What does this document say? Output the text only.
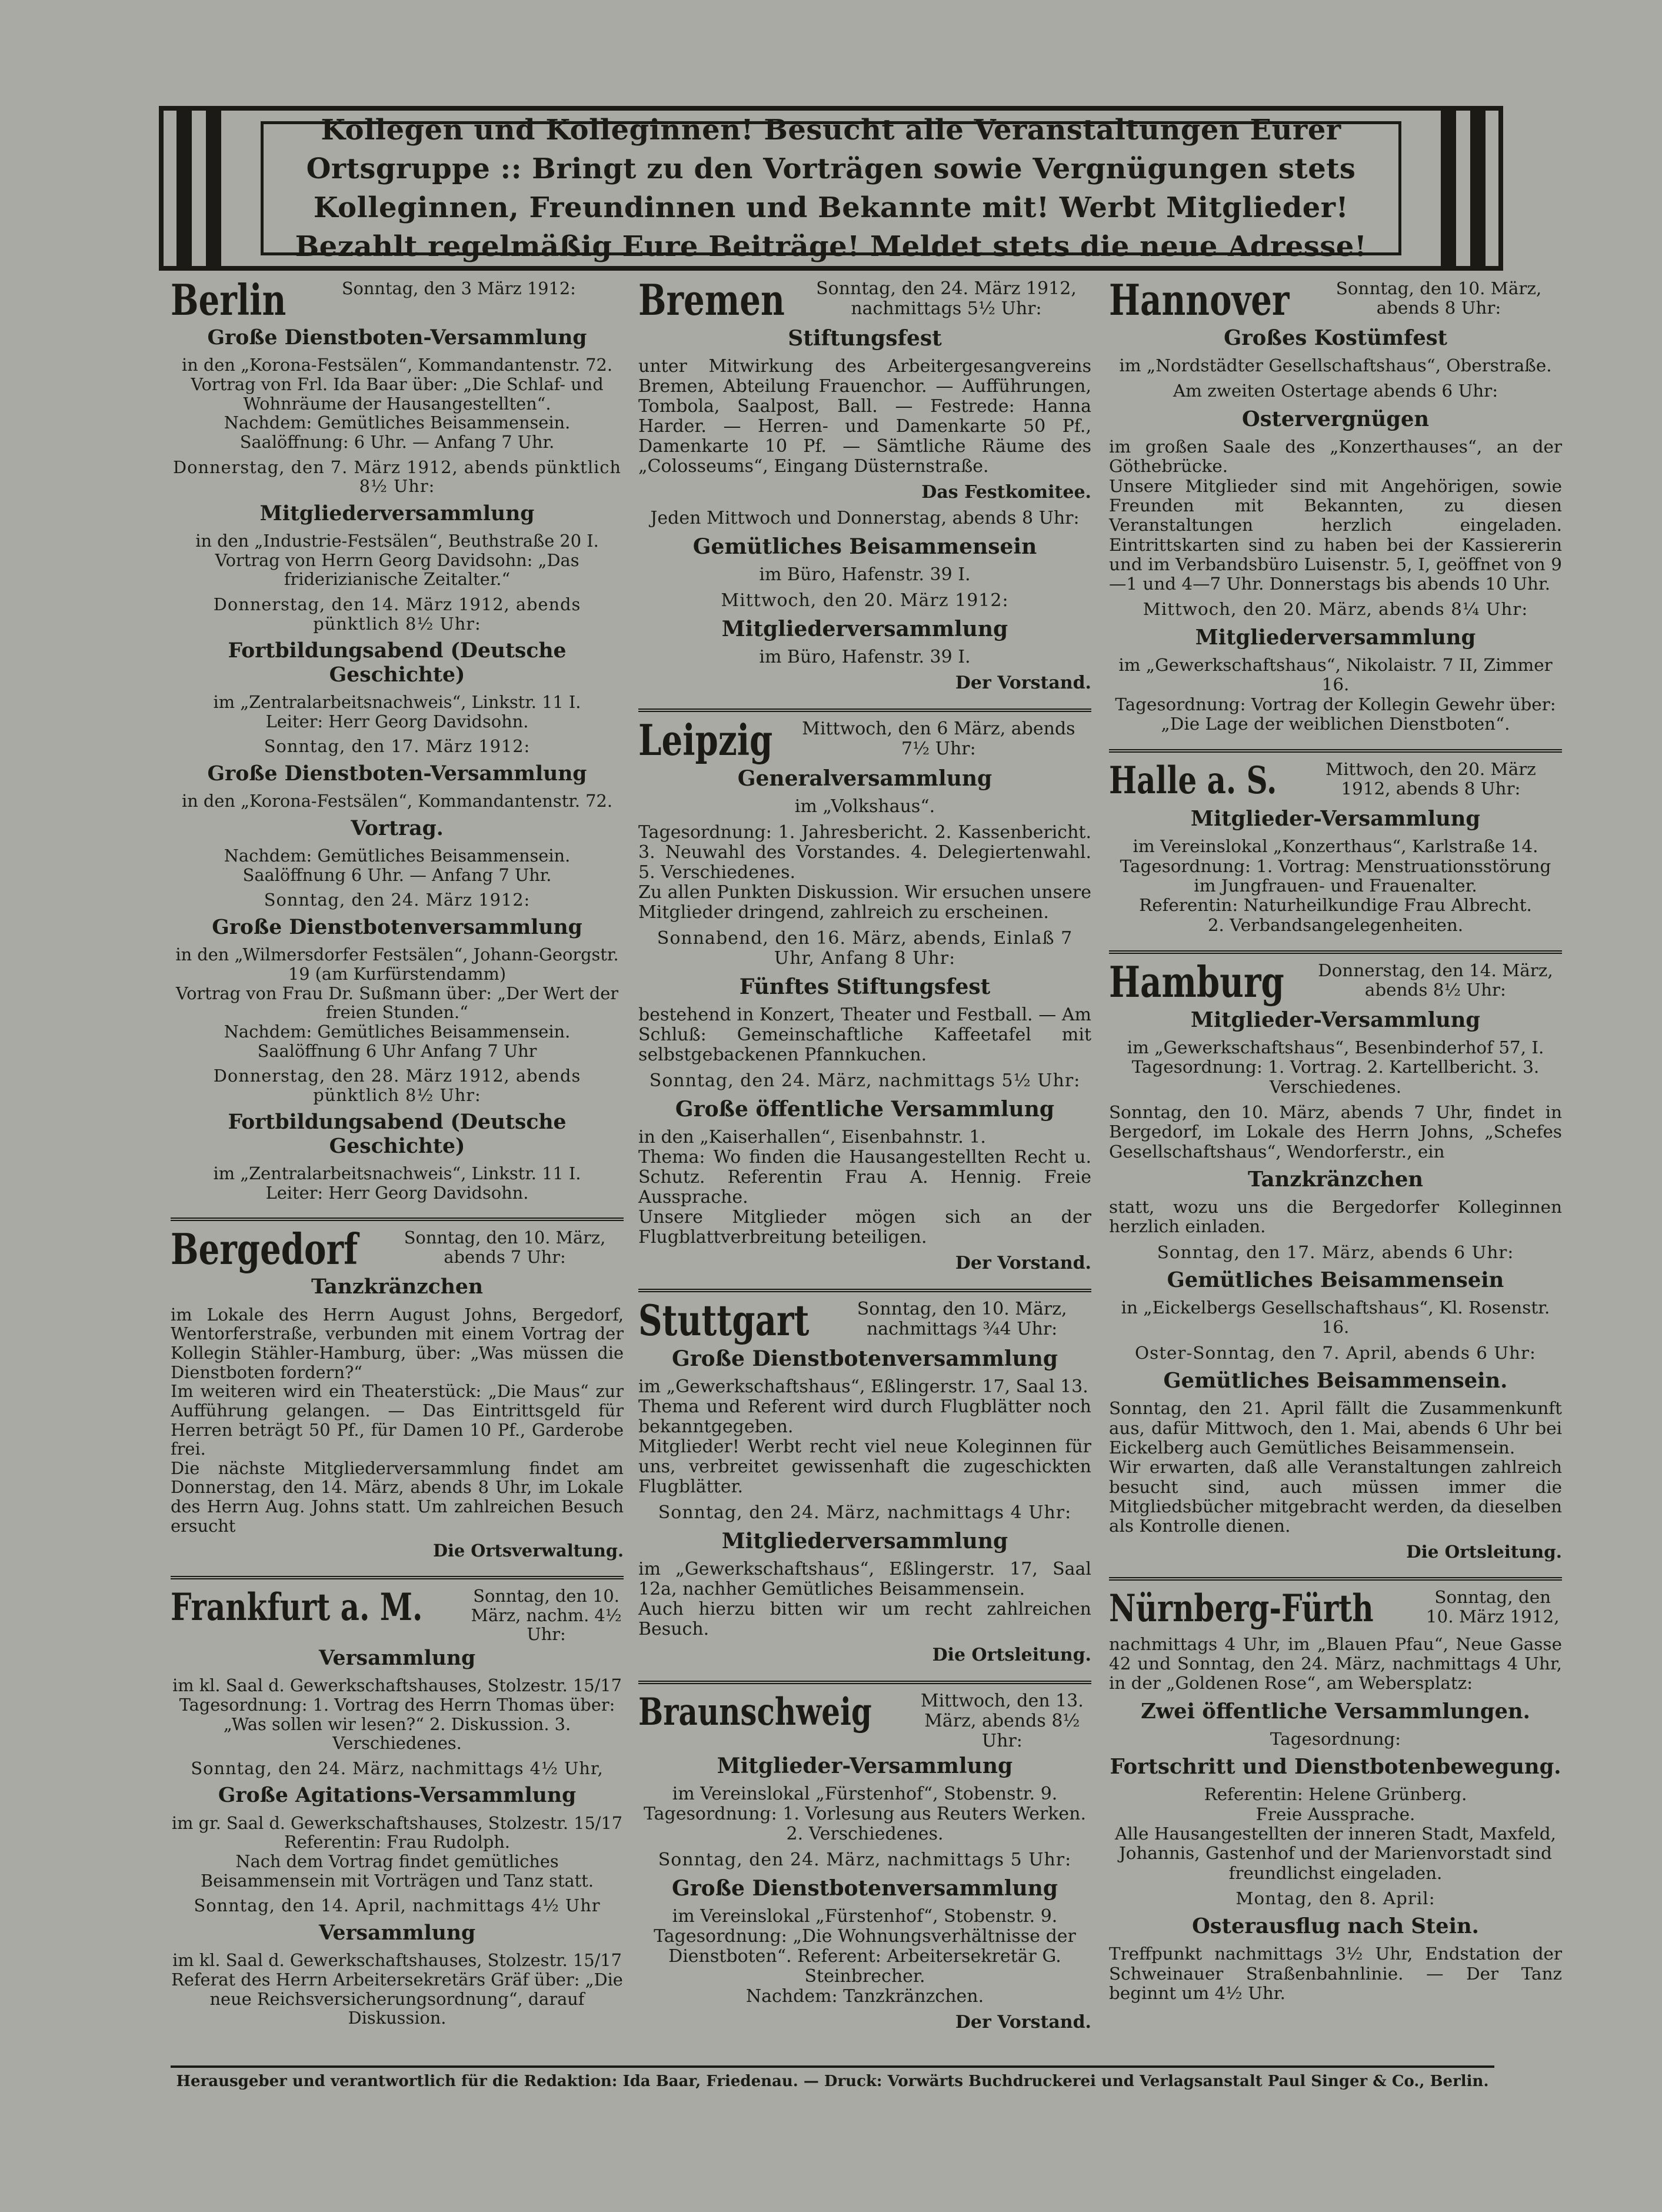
Kollegen und Kolleginnen! Besucht alle Veranstaltungen Eurer Ortsgruppe :: Bringt zu den Vorträgen sowie Vergnügungen stets Kolleginnen, Freundinnen und Bekannte mit! Werbt Mitglieder! Bezahlt regelmäßig Eure Beiträge! Meldet stets die neue Adresse!
Berlin	Sonntag, den 3 März 1912:
Große Dienstboten-Versammlung
in den „Korona-Festsälen“, Kommandantenstr. 72.
Vortrag von Frl. Ida Baar über: „Die Schlaf- und Wohnräume der Hausangestellten“.
Nachdem: Gemütliches Beisammensein.
Saalöffnung: 6 Uhr. — Anfang 7 Uhr.
Donnerstag, den 7. März 1912, abends pünktlich 8½ Uhr:
Mitgliederversammlung
in den „Industrie-Festsälen“, Beuthstraße 20 I.
Vortrag von Herrn Georg Davidsohn: „Das friderizianische Zeitalter.“
Donnerstag, den 14. März 1912, abends pünktlich 8½ Uhr:
Fortbildungsabend (Deutsche Geschichte)
im „Zentralarbeitsnachweis“, Linkstr. 11 I.
Leiter: Herr Georg Davidsohn.
Sonntag, den 17. März 1912:
Große Dienstboten-Versammlung
in den „Korona-Festsälen“, Kommandantenstr. 72.
Vortrag.
Nachdem: Gemütliches Beisammensein.
Saalöffnung 6 Uhr. — Anfang 7 Uhr.
Sonntag, den 24. März 1912:
Große Dienstbotenversammlung
in den „Wilmersdorfer Festsälen“, Johann-Georgstr. 19 (am Kurfürstendamm)
Vortrag von Frau Dr. Sußmann über: „Der Wert der freien Stunden.“
Nachdem: Gemütliches Beisammensein.
Saalöffnung 6 Uhr Anfang 7 Uhr
Donnerstag, den 28. März 1912, abends pünktlich 8½ Uhr:
Fortbildungsabend (Deutsche Geschichte)
im „Zentralarbeitsnachweis“, Linkstr. 11 I.
Leiter: Herr Georg Davidsohn.
Bergedorf	Sonntag, den 10. März, abends 7 Uhr:
Tanzkränzchen
im Lokale des Herrn August Johns, Bergedorf, Wentorferstraße, verbunden mit einem Vortrag der Kollegin Stähler-Hamburg, über: „Was müssen die Dienstboten fordern?“
Im weiteren wird ein Theaterstück: „Die Maus“ zur Aufführung gelangen. — Das Eintrittsgeld für Herren beträgt 50 Pf., für Damen 10 Pf., Garderobe frei.
Die nächste Mitgliederversammlung findet am Donnerstag, den 14. März, abends 8 Uhr, im Lokale des Herrn Aug. Johns statt. Um zahlreichen Besuch ersucht
Die Ortsverwaltung.
Frankfurt a. M.	Sonntag, den 10. März, nachm. 4½ Uhr:
Versammlung
im kl. Saal d. Gewerkschaftshauses, Stolzestr. 15/17
Tagesordnung: 1. Vortrag des Herrn Thomas über: „Was sollen wir lesen?“ 2. Diskussion. 3. Verschiedenes.
Sonntag, den 24. März, nachmittags 4½ Uhr,
Große Agitations-Versammlung
im gr. Saal d. Gewerkschaftshauses, Stolzestr. 15/17
Referentin: Frau Rudolph.
Nach dem Vortrag findet gemütliches Beisammensein mit Vorträgen und Tanz statt.
Sonntag, den 14. April, nachmittags 4½ Uhr
Versammlung
im kl. Saal d. Gewerkschaftshauses, Stolzestr. 15/17
Referat des Herrn Arbeitersekretärs Gräf über: „Die neue Reichsversicherungsordnung“, darauf Diskussion.
Bremen	Sonntag, den 24. März 1912, nachmittags 5½ Uhr:
Stiftungsfest
unter Mitwirkung des Arbeitergesangvereins Bremen, Abteilung Frauenchor. — Aufführungen, Tombola, Saalpost, Ball. — Festrede: Hanna Harder. — Herren- und Damenkarte 50 Pf., Damenkarte 10 Pf. — Sämtliche Räume des „Colosseums“, Eingang Düsternstraße.
Das Festkomitee.
Jeden Mittwoch und Donnerstag, abends 8 Uhr:
Gemütliches Beisammensein
im Büro, Hafenstr. 39 I.
Mittwoch, den 20. März 1912:
Mitgliederversammlung
im Büro, Hafenstr. 39 I.
Der Vorstand.
Leipzig	Mittwoch, den 6 März, abends 7½ Uhr:
Generalversammlung
im „Volkshaus“.
Tagesordnung: 1. Jahresbericht. 2. Kassenbericht. 3. Neuwahl des Vorstandes. 4. Delegiertenwahl. 5. Verschiedenes.
Zu allen Punkten Diskussion. Wir ersuchen unsere Mitglieder dringend, zahlreich zu erscheinen.
Sonnabend, den 16. März, abends, Einlaß 7 Uhr, Anfang 8 Uhr:
Fünftes Stiftungsfest
bestehend in Konzert, Theater und Festball. — Am Schluß: Gemeinschaftliche Kaffeetafel mit selbstgebackenen Pfannkuchen.
Sonntag, den 24. März, nachmittags 5½ Uhr:
Große öffentliche Versammlung
in den „Kaiserhallen“, Eisenbahnstr. 1.
Thema: Wo finden die Hausangestellten Recht u. Schutz. Referentin Frau A. Hennig. Freie Aussprache.
Unsere Mitglieder mögen sich an der Flugblattverbreitung beteiligen.
Der Vorstand.
Stuttgart	Sonntag, den 10. März, nachmittags ¾4 Uhr:
Große Dienstbotenversammlung
im „Gewerkschaftshaus“, Eßlingerstr. 17, Saal 13.
Thema und Referent wird durch Flugblätter noch bekanntgegeben.
Mitglieder! Werbt recht viel neue Koleginnen für uns, verbreitet gewissenhaft die zugeschickten Flugblätter.
Sonntag, den 24. März, nachmittags 4 Uhr:
Mitgliederversammlung
im „Gewerkschaftshaus“, Eßlingerstr. 17, Saal 12a, nachher Gemütliches Beisammensein.
Auch hierzu bitten wir um recht zahlreichen Besuch.
Die Ortsleitung.
Braunschweig	Mittwoch, den 13. März, abends 8½ Uhr:
Mitglieder-Versammlung
im Vereinslokal „Fürstenhof“, Stobenstr. 9.
Tagesordnung: 1. Vorlesung aus Reuters Werken. 2. Verschiedenes.
Sonntag, den 24. März, nachmittags 5 Uhr:
Große Dienstbotenversammlung
im Vereinslokal „Fürstenhof“, Stobenstr. 9.
Tagesordnung: „Die Wohnungsverhältnisse der Dienstboten“. Referent: Arbeitersekretär G. Steinbrecher.
Nachdem: Tanzkränzchen.
Der Vorstand.
Hannover	Sonntag, den 10. März, abends 8 Uhr:
Großes Kostümfest
im „Nordstädter Gesellschaftshaus“, Oberstraße.
Am zweiten Ostertage abends 6 Uhr:
Ostervergnügen
im großen Saale des „Konzerthauses“, an der Göthebrücke.
Unsere Mitglieder sind mit Angehörigen, sowie Freunden mit Bekannten, zu diesen Veranstaltungen herzlich eingeladen. Eintrittskarten sind zu haben bei der Kassiererin und im Verbandsbüro Luisenstr. 5, I, geöffnet von 9—1 und 4—7 Uhr. Donnerstags bis abends 10 Uhr.
Mittwoch, den 20. März, abends 8¼ Uhr:
Mitgliederversammlung
im „Gewerkschaftshaus“, Nikolaistr. 7 II, Zimmer 16.
Tagesordnung: Vortrag der Kollegin Gewehr über: „Die Lage der weiblichen Dienstboten“.
Halle a. S.	Mittwoch, den 20. März 1912, abends 8 Uhr:
Mitglieder-Versammlung
im Vereinslokal „Konzerthaus“, Karlstraße 14.
Tagesordnung: 1. Vortrag: Menstruationsstörung im Jungfrauen- und Frauenalter.
Referentin: Naturheilkundige Frau Albrecht.
2. Verbandsangelegenheiten.
Hamburg	Donnerstag, den 14. März, abends 8½ Uhr:
Mitglieder-Versammlung
im „Gewerkschaftshaus“, Besenbinderhof 57, I.
Tagesordnung: 1. Vortrag. 2. Kartellbericht. 3. Verschiedenes.
Sonntag, den 10. März, abends 7 Uhr, findet in Bergedorf, im Lokale des Herrn Johns, „Schefes Gesellschaftshaus“, Wendorferstr., ein
Tanzkränzchen
statt, wozu uns die Bergedorfer Kolleginnen herzlich einladen.
Sonntag, den 17. März, abends 6 Uhr:
Gemütliches Beisammensein
in „Eickelbergs Gesellschaftshaus“, Kl. Rosenstr. 16.
Oster-Sonntag, den 7. April, abends 6 Uhr:
Gemütliches Beisammensein.
Sonntag, den 21. April fällt die Zusammenkunft aus, dafür Mittwoch, den 1. Mai, abends 6 Uhr bei Eickelberg auch Gemütliches Beisammensein.
Wir erwarten, daß alle Veranstaltungen zahlreich besucht sind, auch müssen immer die Mitgliedsbücher mitgebracht werden, da dieselben als Kontrolle dienen.
Die Ortsleitung.
Nürnberg-Fürth	Sonntag, den 10. März 1912,
nachmittags 4 Uhr, im „Blauen Pfau“, Neue Gasse 42 und Sonntag, den 24. März, nachmittags 4 Uhr, in der „Goldenen Rose“, am Webersplatz:
Zwei öffentliche Versammlungen.
Tagesordnung:
Fortschritt und Dienstbotenbewegung.
Referentin: Helene Grünberg.
Freie Aussprache.
Alle Hausangestellten der inneren Stadt, Maxfeld, Johannis, Gastenhof und der Marienvorstadt sind freundlichst eingeladen.
Montag, den 8. April:
Osterausflug nach Stein.
Treffpunkt nachmittags 3½ Uhr, Endstation der Schweinauer Straßenbahnlinie. — Der Tanz beginnt um 4½ Uhr.
Herausgeber und verantwortlich für die Redaktion: Ida Baar, Friedenau. — Druck: Vorwärts Buchdruckerei und Verlagsanstalt Paul Singer & Co., Berlin.
